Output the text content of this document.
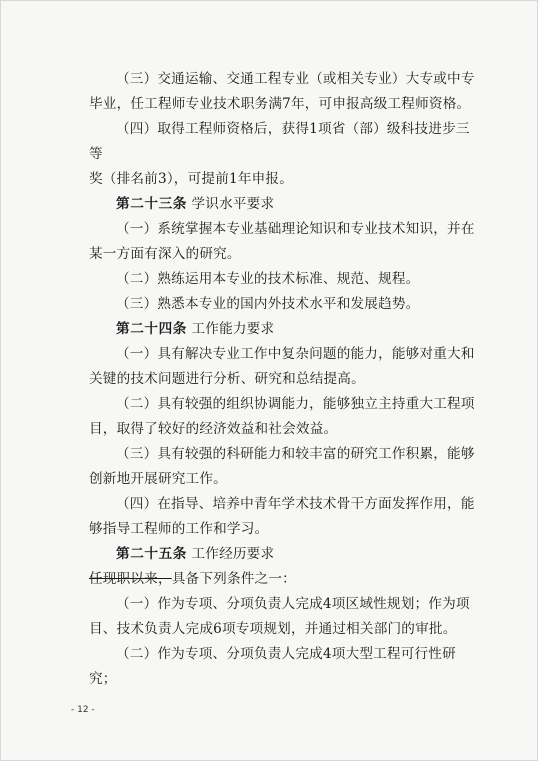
（三）交通运输、交通工程专业（或相关专业）大专或中专

毕业，任工程师专业技术职务满7年，可申报高级工程师资格。

（四）取得工程师资格后，获得1项省（部）级科技进步三等

奖（排名前3），可提前1年申报。

第二十三条 学识水平要求

（一）系统掌握本专业基础理论知识和专业技术知识，并在

某一方面有深入的研究。

（二）熟练运用本专业的技术标准、规范、规程。

（三）熟悉本专业的国内外技术水平和发展趋势。

第二十四条 工作能力要求

（一）具有解决专业工作中复杂问题的能力，能够对重大和

关键的技术问题进行分析、研究和总结提高。

（二）具有较强的组织协调能力，能够独立主持重大工程项

目，取得了较好的经济效益和社会效益。

（三）具有较强的科研能力和较丰富的研究工作积累，能够

创新地开展研究工作。

（四）在指导、培养中青年学术技术骨干方面发挥作用，能

够指导工程师的工作和学习。

第二十五条 工作经历要求

任现职以来，具备下列条件之一：

（一）作为专项、分项负责人完成4项区域性规划；作为项

目、技术负责人完成6项专项规划，并通过相关部门的审批。

（二）作为专项、分项负责人完成4项大型工程可行性研究；

- 12 -
